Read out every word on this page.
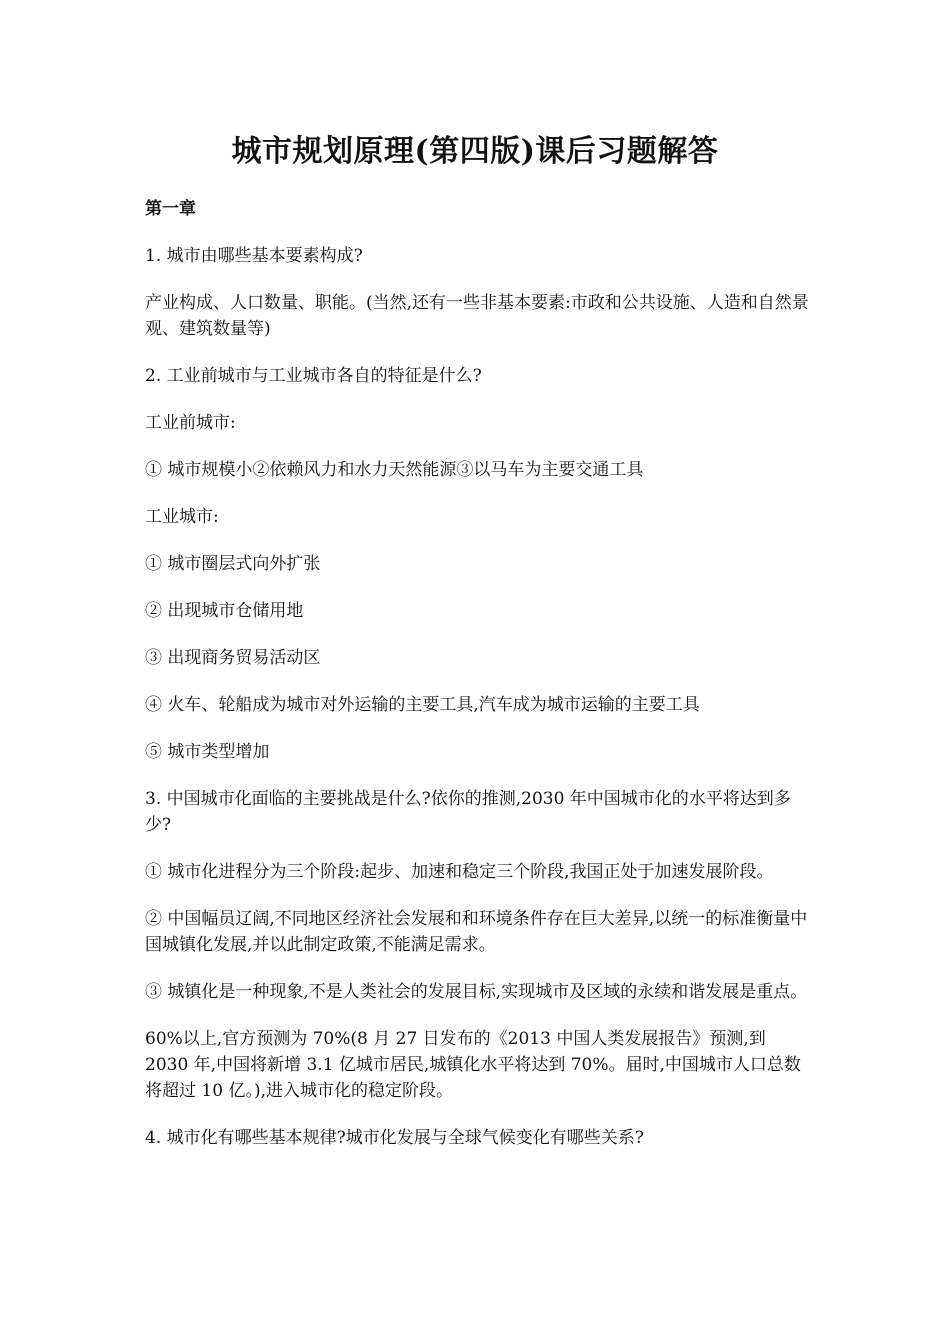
城市规划原理(第四版)课后习题解答
第一章
1. 城市由哪些基本要素构成?
产业构成、人口数量、职能。(当然,还有一些非基本要素:市政和公共设施、人造和自然景观、建筑数量等)
2. 工业前城市与工业城市各自的特征是什么?
工业前城市:
① 城市规模小②依赖风力和水力天然能源③以马车为主要交通工具
工业城市:
① 城市圈层式向外扩张
② 出现城市仓储用地
③ 出现商务贸易活动区
④ 火车、轮船成为城市对外运输的主要工具,汽车成为城市运输的主要工具
⑤ 城市类型增加
3. 中国城市化面临的主要挑战是什么?依你的推测,2030 年中国城市化的水平将达到多少?
① 城市化进程分为三个阶段:起步、加速和稳定三个阶段,我国正处于加速发展阶段。
② 中国幅员辽阔,不同地区经济社会发展和和环境条件存在巨大差异,以统一的标准衡量中国城镇化发展,并以此制定政策,不能满足需求。
③ 城镇化是一种现象,不是人类社会的发展目标,实现城市及区域的永续和谐发展是重点。
60%以上,官方预测为 70%(8 月 27 日发布的《2013 中国人类发展报告》预测,到 2030 年,中国将新增 3.1 亿城市居民,城镇化水平将达到 70%。届时,中国城市人口总数将超过 10 亿。),进入城市化的稳定阶段。
4. 城市化有哪些基本规律?城市化发展与全球气候变化有哪些关系?
